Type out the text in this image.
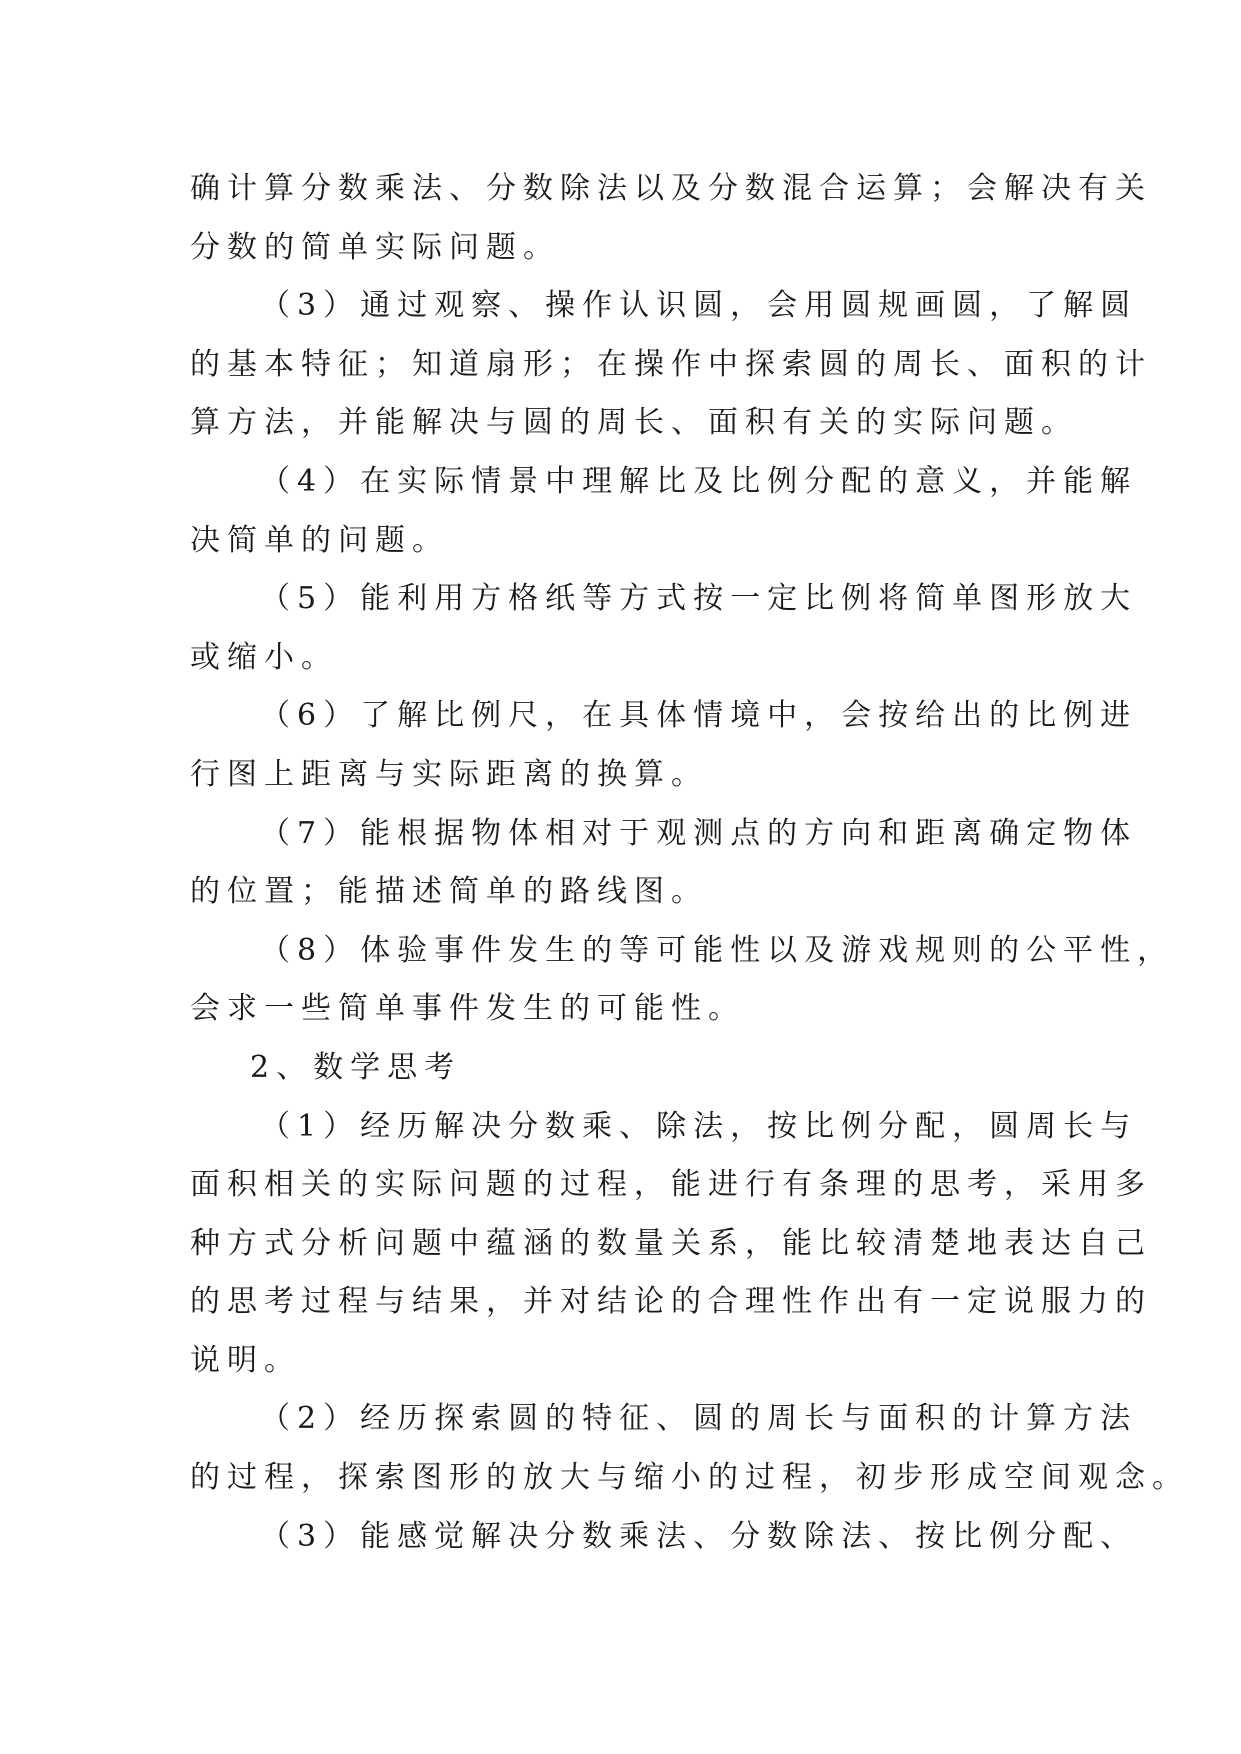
确计算分数乘法、分数除法以及分数混合运算；会解决有关
分数的简单实际问题。
（3）通过观察、操作认识圆，会用圆规画圆，了解圆
的基本特征；知道扇形；在操作中探索圆的周长、面积的计
算方法，并能解决与圆的周长、面积有关的实际问题。
（4）在实际情景中理解比及比例分配的意义，并能解
决简单的问题。
（5）能利用方格纸等方式按一定比例将简单图形放大
或缩小。
（6）了解比例尺，在具体情境中，会按给出的比例进
行图上距离与实际距离的换算。
（7）能根据物体相对于观测点的方向和距离确定物体
的位置；能描述简单的路线图。
（8）体验事件发生的等可能性以及游戏规则的公平性，
会求一些简单事件发生的可能性。
2、数学思考
（1）经历解决分数乘、除法，按比例分配，圆周长与
面积相关的实际问题的过程，能进行有条理的思考，采用多
种方式分析问题中蕴涵的数量关系，能比较清楚地表达自己
的思考过程与结果，并对结论的合理性作出有一定说服力的
说明。
（2）经历探索圆的特征、圆的周长与面积的计算方法
的过程，探索图形的放大与缩小的过程，初步形成空间观念。
（3）能感觉解决分数乘法、分数除法、按比例分配、
